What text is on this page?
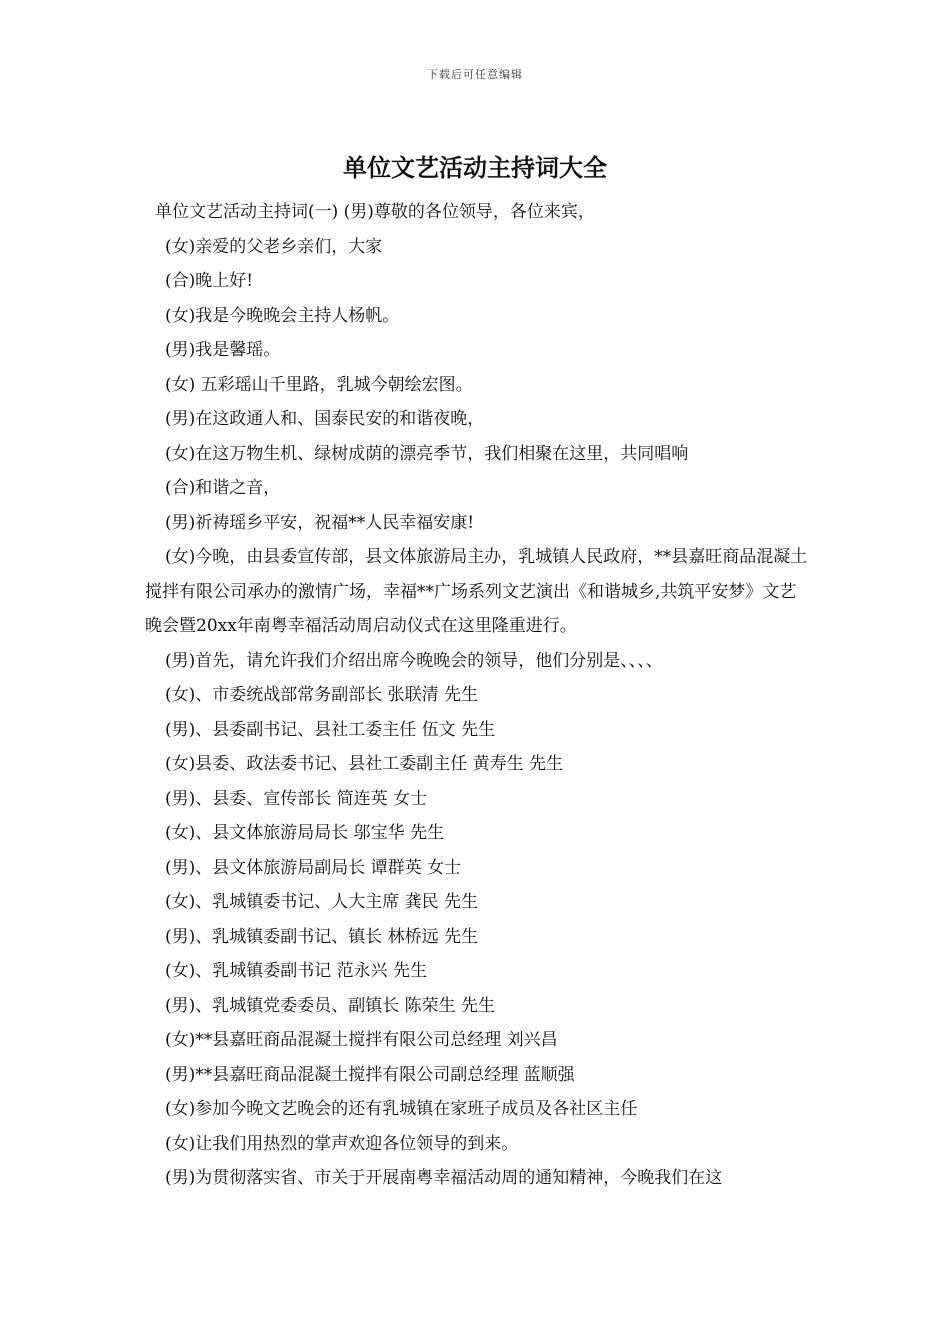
下载后可任意编辑
单位文艺活动主持词大全

单位文艺活动主持词(一) (男)尊敬的各位领导，各位来宾，

(女)亲爱的父老乡亲们，大家

(合)晚上好!

(女)我是今晚晚会主持人杨帆。

(男)我是馨瑶。

(女) 五彩瑶山千里路，乳城今朝绘宏图。

(男)在这政通人和、国泰民安的和谐夜晚，

(女)在这万物生机、绿树成荫的漂亮季节，我们相聚在这里，共同唱响

(合)和谐之音，

(男)祈祷瑶乡平安，祝福**人民幸福安康!

(女)今晚，由县委宣传部，县文体旅游局主办，乳城镇人民政府，**县嘉旺商品混凝土搅拌有限公司承办的激情广场，幸福**广场系列文艺演出《和谐城乡,共筑平安梦》文艺晚会暨20xx年南粤幸福活动周启动仪式在这里隆重进行。

(男)首先，请允许我们介绍出席今晚晚会的领导，他们分别是、、、、

(女)、市委统战部常务副部长 张联清 先生

(男)、县委副书记、县社工委主任 伍文 先生

(女)县委、政法委书记、县社工委副主任 黄寿生 先生

(男)、县委、宣传部长 简连英 女士

(女)、县文体旅游局局长 邬宝华 先生

(男)、县文体旅游局副局长 谭群英 女士

(女)、乳城镇委书记、人大主席 龚民 先生

(男)、乳城镇委副书记、镇长 林桥远 先生

(女)、乳城镇委副书记 范永兴 先生

(男)、乳城镇党委委员、副镇长 陈荣生 先生

(女)**县嘉旺商品混凝土搅拌有限公司总经理 刘兴昌

(男)**县嘉旺商品混凝土搅拌有限公司副总经理 蓝顺强

(女)参加今晚文艺晚会的还有乳城镇在家班子成员及各社区主任

(女)让我们用热烈的掌声欢迎各位领导的到来。

(男)为贯彻落实省、市关于开展南粤幸福活动周的通知精神，今晚我们在这
